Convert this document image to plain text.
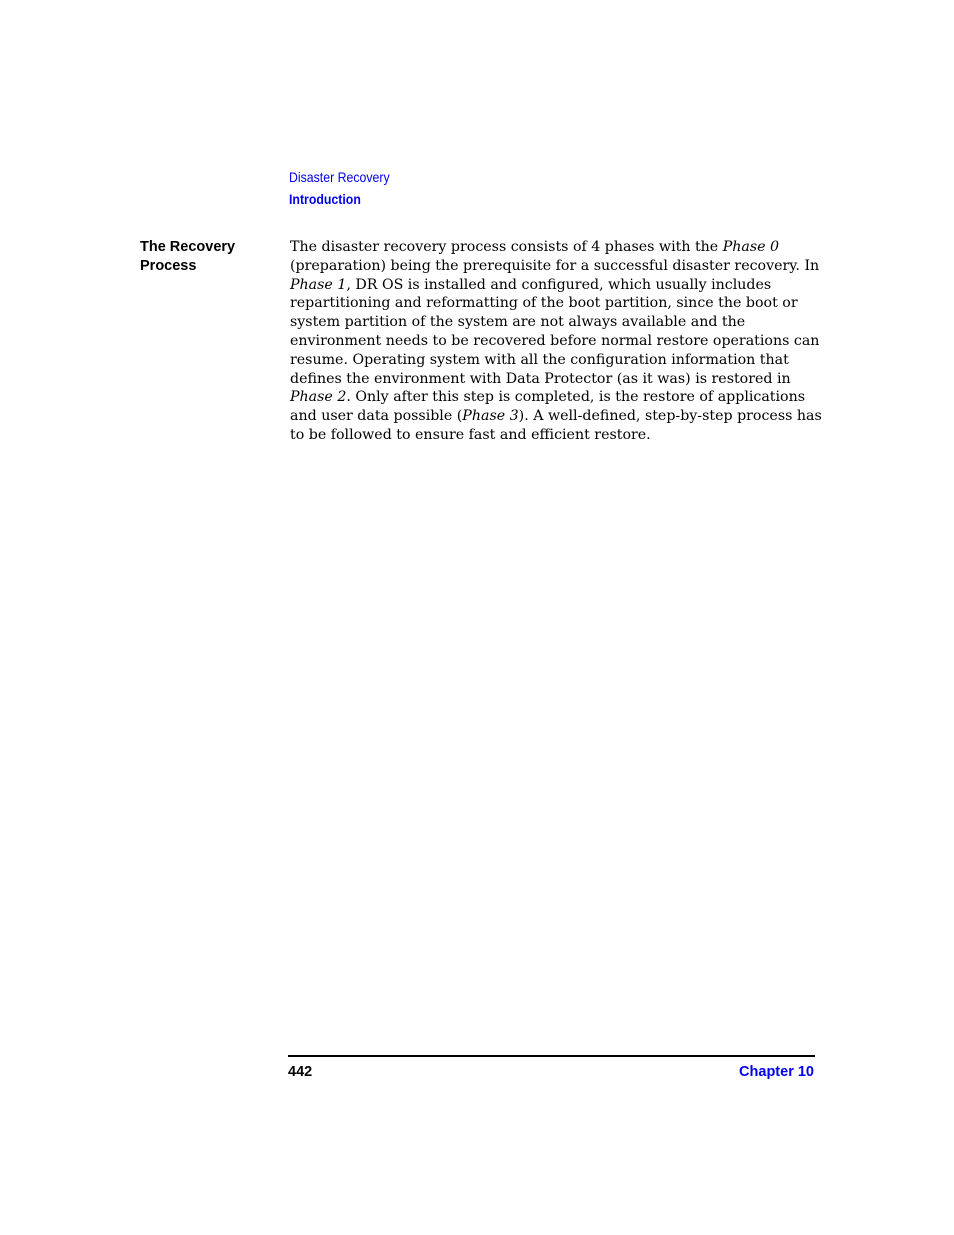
Disaster Recovery
Introduction
The Recovery
Process

The disaster recovery process consists of 4 phases with the Phase 0
(preparation) being the prerequisite for a successful disaster recovery. In
Phase 1, DR OS is installed and configured, which usually includes
repartitioning and reformatting of the boot partition, since the boot or
system partition of the system are not always available and the
environment needs to be recovered before normal restore operations can
resume. Operating system with all the configuration information that
defines the environment with Data Protector (as it was) is restored in
Phase 2. Only after this step is completed, is the restore of applications
and user data possible (Phase 3). A well-defined, step-by-step process has
to be followed to ensure fast and efficient restore.

442	Chapter 10
